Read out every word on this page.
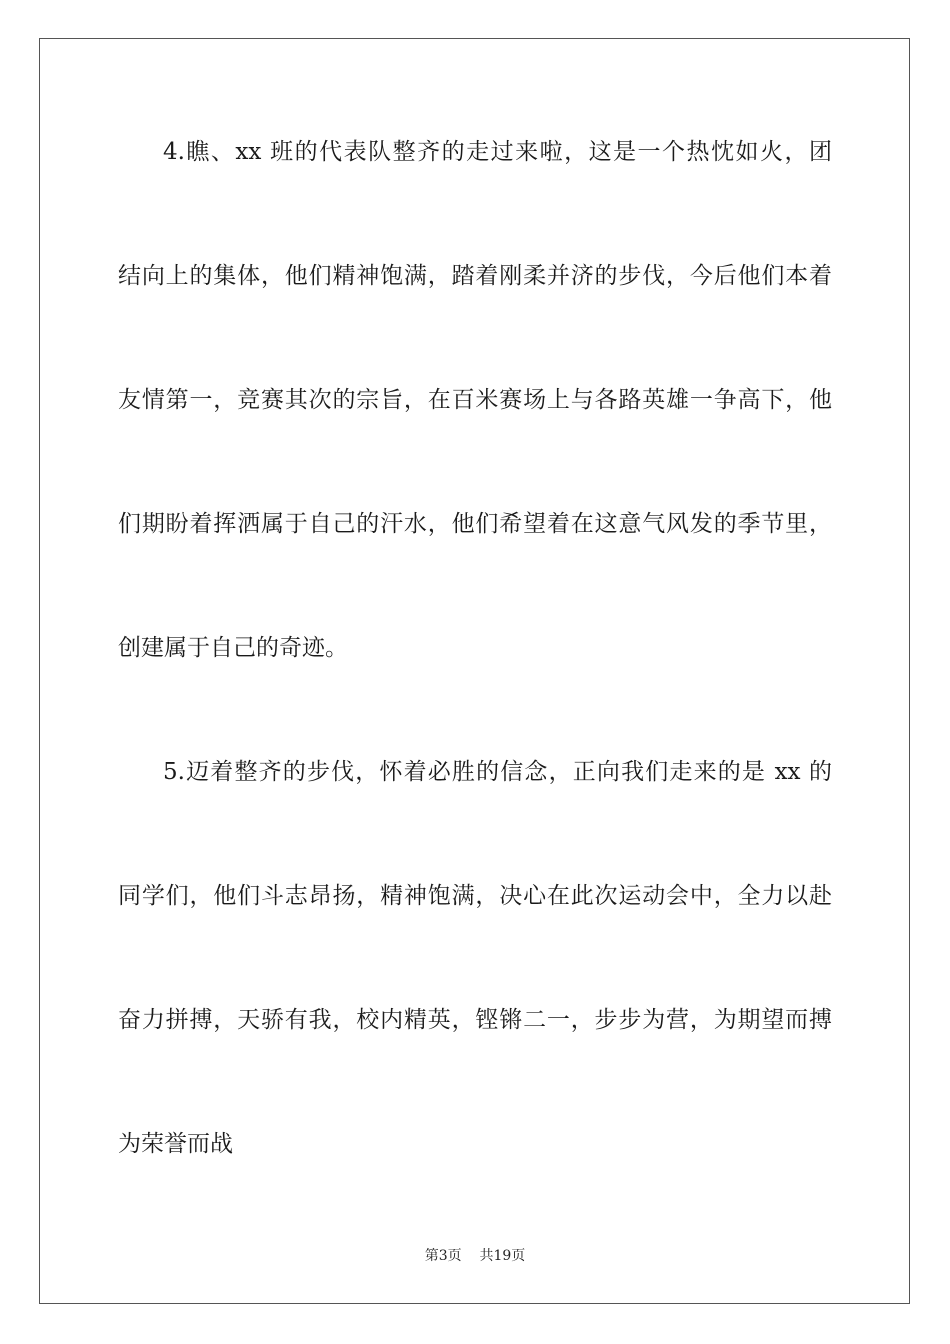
4.瞧、xx 班的代表队整齐的走过来啦，这是一个热忱如火，团
结向上的集体，他们精神饱满，踏着刚柔并济的步伐，今后他们本着
友情第一，竞赛其次的宗旨，在百米赛场上与各路英雄一争高下，他
们期盼着挥洒属于自己的汗水，他们希望着在这意气风发的季节里，
创建属于自己的奇迹。
5.迈着整齐的步伐，怀着必胜的信念，正向我们走来的是 xx 的
同学们，他们斗志昂扬，精神饱满，决心在此次运动会中，全力以赴
奋力拼搏，天骄有我，校内精英，铿锵二一，步步为营，为期望而搏
为荣誉而战
第3页 共19页
